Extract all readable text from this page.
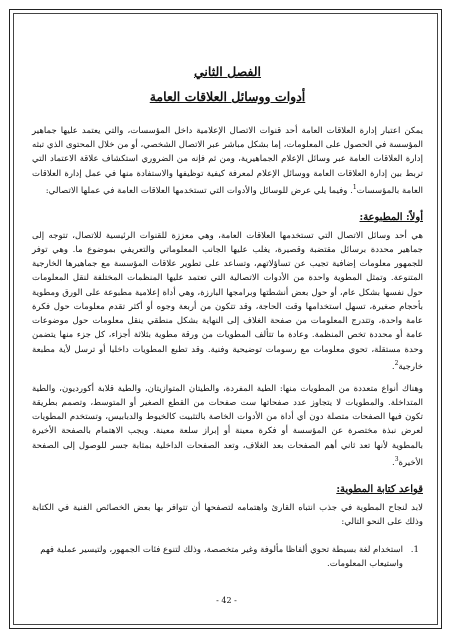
الفصل الثاني
أدوات ووسائل العلاقات العامة

يمكن اعتبار إدارة العلاقات العامة أحد قنوات الاتصال الإعلامية داخل المؤسسات، والتي يعتمد عليها جماهير المؤسسة في الحصول على المعلومات، إما بشكل مباشر عبر الاتصال الشخصي، أو من خلال المحتوى الذي تبثه إدارة العلاقات العامة عبر وسائل الإعلام الجماهيرية، ومن ثم فإنه من الضروري استكشاف علاقة الاعتماد التي تربط بين إدارة العلاقات العامة ووسائل الإعلام لمعرفة كيفية توظيفها والاستفادة منها في عمل إدارة العلاقات العامة بالمؤسسات$^1$. وفيما يلي عرض للوسائل والأدوات التي تستخدمها العلاقات العامة في عملها الاتصالي:

أولاً: المطبوعة:

هي أحد وسائل الاتصال التي تستخدمها العلاقات العامة، وهي معززة للقنوات الرئيسية للاتصال، تتوجه إلى جماهير محددة برسائل مقتضبة وقصيرة، يغلب عليها الجانب المعلوماتي والتعريفي بموضوع ما. وهي توفر للجمهور معلومات إضافية تجيب عن تساؤلاتهم، وتساعد على تطوير علاقات المؤسسة مع جماهيرها الخارجية المتنوعة. وتمثل المطوية واحدة من الأدوات الاتصالية التي تعتمد عليها المنظمات المختلفة لنقل المعلومات حول نفسها بشكل عام، أو حول بعض أنشطتها وبرامجها البارزة، وهي أداة إعلامية مطبوعة على الورق ومطوية بأحجام صغيرة، تسهل استخدامها وقت الحاجة، وقد تتكون من أربعة وجوه أو أكثر تقدم معلومات حول فكرة عامة واحدة، وتتدرج المعلومات من صفحة الغلاف إلى النهاية بشكل منطقي ينقل معلومات حول موضوعات عامة أو محددة تخص المنظمة. وعادة ما تتألف المطويات من ورقة مطوية بثلاثة أجزاء، كل جزء منها يتضمن وحدة مستقلة، تحوي معلومات مع رسومات توضيحية وفنية. وقد تطبع المطويات داخليا أو ترسل لأية مطبعة خارجية$^2$.

وهناك أنواع متعددة من المطويات منها: الطية المفردة، والطيتان المتوازيتان، والطية قلابة أكورديون، والطية المتداخلة. والمطويات لا يتجاوز عدد صفحاتها ست صفحات من القطع الصغير أو المتوسط، وتصمم بطريقة تكون فيها الصفحات متصلة دون أي أداة من الأدوات الخاصة بالتثبيت كالخيوط والدبابيس، وتستخدم المطويات لعرض نبذة مختصرة عن المؤسسة أو فكرة معينة أو إبراز سلعة معينة. ويجب الاهتمام بالصفحة الأخيرة بالمطوية لأنها تعد ثاني أهم الصفحات بعد الغلاف، وتعد الصفحات الداخلية بمثابة جسر للوصول إلى الصفحة الأخيرة$^3$.

قواعد كتابة المطوية:

لابد لنجاح المطوية في جذب انتباه القارئ واهتمامه لتصفحها أن تتوافر بها بعض الخصائص الفنية في الكتابة وذلك على النحو التالي:

1.
استخدام لغة بسيطة تحوي ألفاظا مألوفة وغير متخصصة، وذلك لتنوع فئات الجمهور، ولتيسير عملية فهم واستيعاب المعلومات.
- 42 -
